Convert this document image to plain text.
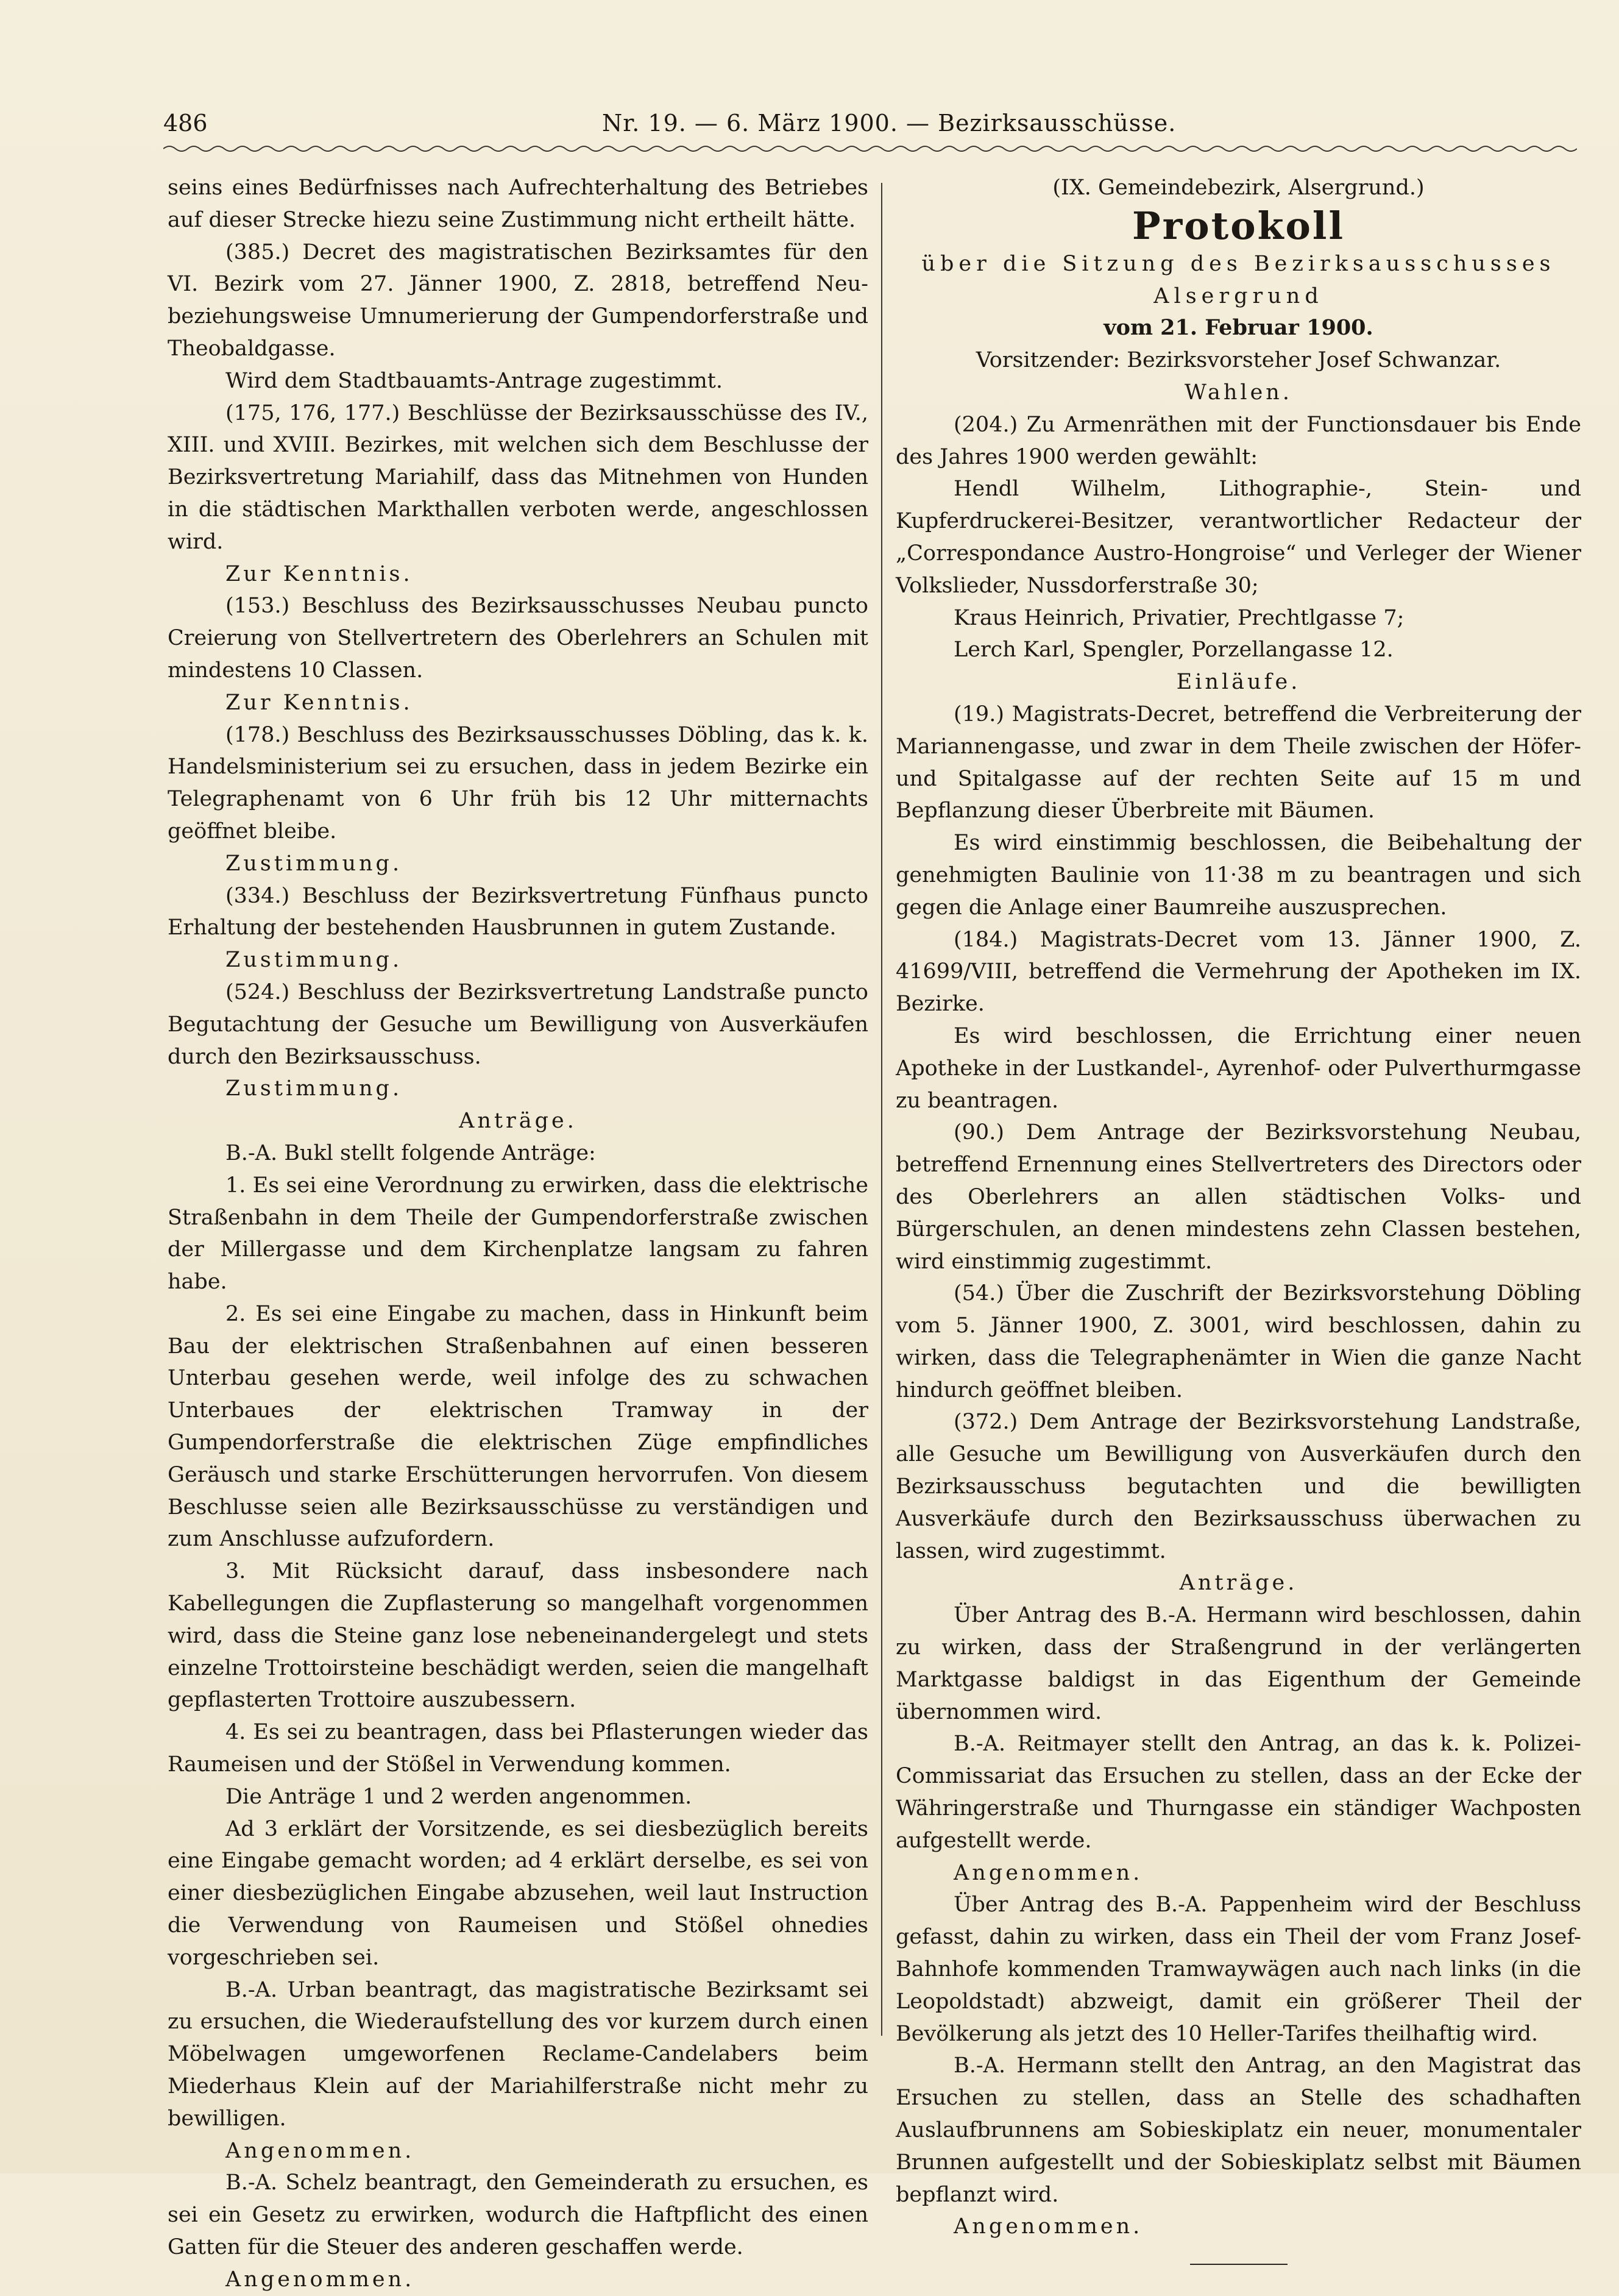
486	Nr. 19. — 6. März 1900. — Bezirksausschüsse.
seins eines Bedürfnisses nach Aufrechterhaltung des Betriebes auf dieser Strecke hiezu seine Zustimmung nicht ertheilt hätte.
(385.) Decret des magistratischen Bezirksamtes für den VI. Bezirk vom 27. Jänner 1900, Z. 2818, betreffend Neu- beziehungsweise Umnumerierung der Gumpendorferstraße und Theobaldgasse.
Wird dem Stadtbauamts-Antrage zugestimmt.
(175, 176, 177.) Beschlüsse der Bezirksausschüsse des IV., XIII. und XVIII. Bezirkes, mit welchen sich dem Beschlusse der Bezirksvertretung Mariahilf, dass das Mitnehmen von Hunden in die städtischen Markthallen verboten werde, angeschlossen wird.
Zur Kenntnis.
(153.) Beschluss des Bezirksausschusses Neubau puncto Creierung von Stellvertretern des Oberlehrers an Schulen mit mindestens 10 Classen.
Zur Kenntnis.
(178.) Beschluss des Bezirksausschusses Döbling, das k. k. Handelsministerium sei zu ersuchen, dass in jedem Bezirke ein Telegraphenamt von 6 Uhr früh bis 12 Uhr mitternachts geöffnet bleibe.
Zustimmung.
(334.) Beschluss der Bezirksvertretung Fünfhaus puncto Erhaltung der bestehenden Hausbrunnen in gutem Zustande.
Zustimmung.
(524.) Beschluss der Bezirksvertretung Landstraße puncto Begutachtung der Gesuche um Bewilligung von Ausverkäufen durch den Bezirksausschuss.
Zustimmung.
Anträge.
B.-A. Bukl stellt folgende Anträge:
1. Es sei eine Verordnung zu erwirken, dass die elektrische Straßenbahn in dem Theile der Gumpendorferstraße zwischen der Millergasse und dem Kirchenplatze langsam zu fahren habe.
2. Es sei eine Eingabe zu machen, dass in Hinkunft beim Bau der elektrischen Straßenbahnen auf einen besseren Unterbau gesehen werde, weil infolge des zu schwachen Unterbaues der elektrischen Tramway in der Gumpendorferstraße die elektrischen Züge empfindliches Geräusch und starke Erschütterungen hervorrufen. Von diesem Beschlusse seien alle Bezirksausschüsse zu verständigen und zum Anschlusse aufzufordern.
3. Mit Rücksicht darauf, dass insbesondere nach Kabellegungen die Zupflasterung so mangelhaft vorgenommen wird, dass die Steine ganz lose nebeneinandergelegt und stets einzelne Trottoirsteine beschädigt werden, seien die mangelhaft gepflasterten Trottoire auszubessern.
4. Es sei zu beantragen, dass bei Pflasterungen wieder das Raumeisen und der Stößel in Verwendung kommen.
Die Anträge 1 und 2 werden angenommen.
Ad 3 erklärt der Vorsitzende, es sei diesbezüglich bereits eine Eingabe gemacht worden; ad 4 erklärt derselbe, es sei von einer diesbezüglichen Eingabe abzusehen, weil laut Instruction die Verwendung von Raumeisen und Stößel ohnedies vorgeschrieben sei.
B.-A. Urban beantragt, das magistratische Bezirksamt sei zu ersuchen, die Wiederaufstellung des vor kurzem durch einen Möbelwagen umgeworfenen Reclame-Candelabers beim Miederhaus Klein auf der Mariahilferstraße nicht mehr zu bewilligen.
Angenommen.
B.-A. Schelz beantragt, den Gemeinderath zu ersuchen, es sei ein Gesetz zu erwirken, wodurch die Haftpflicht des einen Gatten für die Steuer des anderen geschaffen werde.
Angenommen.
(IX. Gemeindebezirk, Alsergrund.)
Protokoll
über die Sitzung des Bezirksausschusses Alsergrund
vom 21. Februar 1900.
Vorsitzender: Bezirksvorsteher Josef Schwanzar.
Wahlen.
(204.) Zu Armenräthen mit der Functionsdauer bis Ende des Jahres 1900 werden gewählt:
Hendl Wilhelm, Lithographie-, Stein- und Kupferdruckerei-Besitzer, verantwortlicher Redacteur der „Correspondance Austro-Hongroise“ und Verleger der Wiener Volkslieder, Nussdorferstraße 30;
Kraus Heinrich, Privatier, Prechtlgasse 7;
Lerch Karl, Spengler, Porzellangasse 12.
Einläufe.
(19.) Magistrats-Decret, betreffend die Verbreiterung der Mariannengasse, und zwar in dem Theile zwischen der Höfer- und Spitalgasse auf der rechten Seite auf 15 m und Bepflanzung dieser Überbreite mit Bäumen.
Es wird einstimmig beschlossen, die Beibehaltung der genehmigten Baulinie von 11·38 m zu beantragen und sich gegen die Anlage einer Baumreihe auszusprechen.
(184.) Magistrats-Decret vom 13. Jänner 1900, Z. 41699/VIII, betreffend die Vermehrung der Apotheken im IX. Bezirke.
Es wird beschlossen, die Errichtung einer neuen Apotheke in der Lustkandel-, Ayrenhof- oder Pulverthurmgasse zu beantragen.
(90.) Dem Antrage der Bezirksvorstehung Neubau, betreffend Ernennung eines Stellvertreters des Directors oder des Oberlehrers an allen städtischen Volks- und Bürgerschulen, an denen mindestens zehn Classen bestehen, wird einstimmig zugestimmt.
(54.) Über die Zuschrift der Bezirksvorstehung Döbling vom 5. Jänner 1900, Z. 3001, wird beschlossen, dahin zu wirken, dass die Telegraphenämter in Wien die ganze Nacht hindurch geöffnet bleiben.
(372.) Dem Antrage der Bezirksvorstehung Landstraße, alle Gesuche um Bewilligung von Ausverkäufen durch den Bezirksausschuss begutachten und die bewilligten Ausverkäufe durch den Bezirksausschuss überwachen zu lassen, wird zugestimmt.
Anträge.
Über Antrag des B.-A. Hermann wird beschlossen, dahin zu wirken, dass der Straßengrund in der verlängerten Marktgasse baldigst in das Eigenthum der Gemeinde übernommen wird.
B.-A. Reitmayer stellt den Antrag, an das k. k. Polizei-Commissariat das Ersuchen zu stellen, dass an der Ecke der Währingerstraße und Thurngasse ein ständiger Wachposten aufgestellt werde.
Angenommen.
Über Antrag des B.-A. Pappenheim wird der Beschluss gefasst, dahin zu wirken, dass ein Theil der vom Franz Josef-Bahnhofe kommenden Tramwaywägen auch nach links (in die Leopoldstadt) abzweigt, damit ein größerer Theil der Bevölkerung als jetzt des 10 Heller-Tarifes theilhaftig wird.
B.-A. Hermann stellt den Antrag, an den Magistrat das Ersuchen zu stellen, dass an Stelle des schadhaften Auslaufbrunnens am Sobieskiplatz ein neuer, monumentaler Brunnen aufgestellt und der Sobieskiplatz selbst mit Bäumen bepflanzt wird.
Angenommen.
